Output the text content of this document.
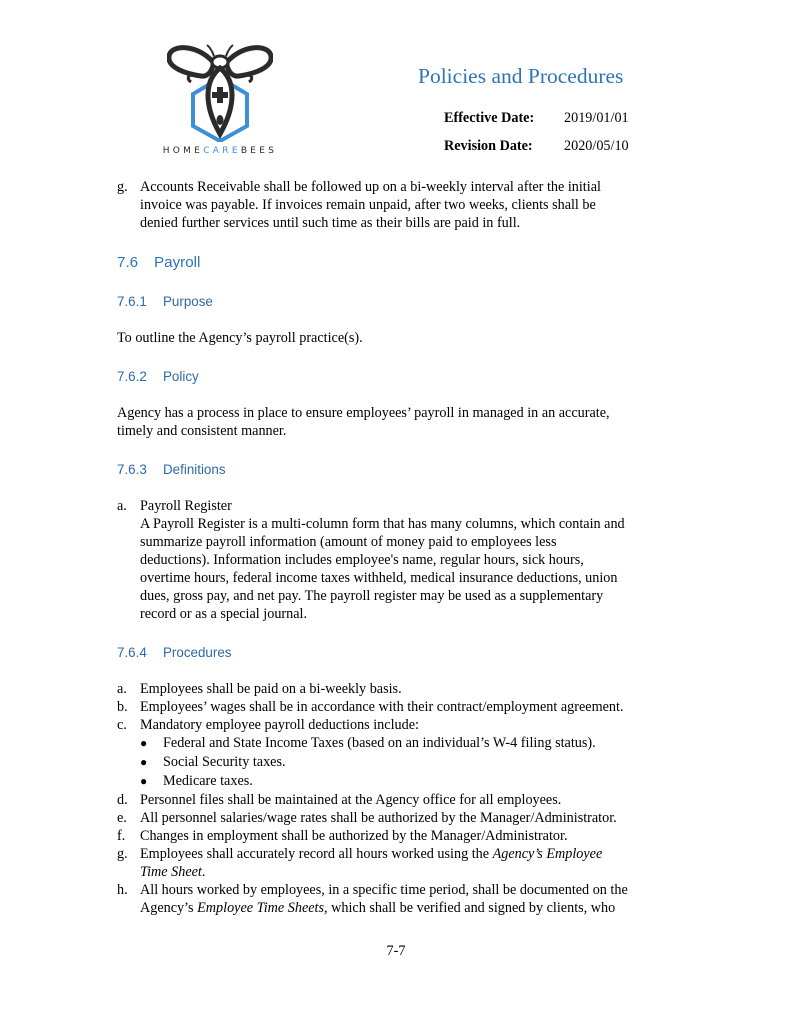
HOMECAREBEES
Policies and Procedures
Effective Date: 2019/01/01
Revision Date: 2020/05/10
g. Accounts Receivable shall be followed up on a bi-weekly interval after the initial
invoice was payable. If invoices remain unpaid, after two weeks, clients shall be
denied further services until such time as their bills are paid in full.
7.6 Payroll
7.6.1 Purpose

To outline the Agency’s payroll practice(s).

7.6.2 Policy

Agency has a process in place to ensure employees’ payroll in managed in an accurate,
timely and consistent manner.

7.6.3 Definitions
a. Payroll Register
A Payroll Register is a multi-column form that has many columns, which contain and
summarize payroll information (amount of money paid to employees less
deductions). Information includes employee's name, regular hours, sick hours,
overtime hours, federal income taxes withheld, medical insurance deductions, union
dues, gross pay, and net pay. The payroll register may be used as a supplementary
record or as a special journal.
7.6.4 Procedures
a. Employees shall be paid on a bi-weekly basis.
b. Employees’ wages shall be in accordance with their contract/employment agreement.
c. Mandatory employee payroll deductions include:
● Federal and State Income Taxes (based on an individual’s W-4 filing status).
● Social Security taxes.
● Medicare taxes.
d. Personnel files shall be maintained at the Agency office for all employees.
e. All personnel salaries/wage rates shall be authorized by the Manager/Administrator.
f. Changes in employment shall be authorized by the Manager/Administrator.
g. Employees shall accurately record all hours worked using the Agency’s Employee
Time Sheet.
h. All hours worked by employees, in a specific time period, shall be documented on the
Agency’s Employee Time Sheets, which shall be verified and signed by clients, who
7-7
